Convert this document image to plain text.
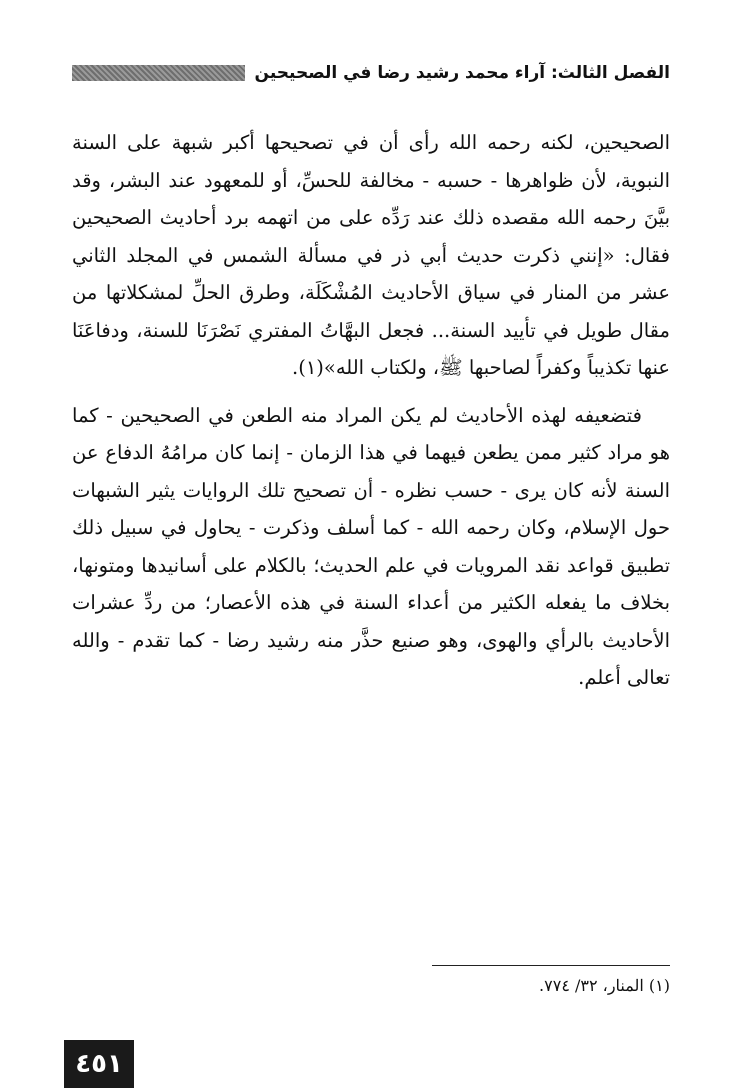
الفصل الثالث: آراء محمد رشيد رضا في الصحيحين

الصحيحين، لكنه رحمه الله رأى أن في تصحيحها أكبر شبهة على السنة النبوية، لأن ظواهرها - حسبه - مخالفة للحسِّ، أو للمعهود عند البشر، وقد بيَّنَ رحمه الله مقصده ذلك عند رَدِّه على من اتهمه برد أحاديث الصحيحين فقال: «إنني ذكرت حديث أبي ذر في مسألة الشمس في المجلد الثاني عشر من المنار في سياق الأحاديث المُشْكَلَة، وطرق الحلِّ لمشكلاتها من مقال طويل في تأييد السنة... فجعل البهَّاتُ المفتري نَصْرَنَا للسنة، ودفاعَنَا عنها تكذيباً وكفراً لصاحبها ﷺ، ولكتاب الله»(١).

فتضعيفه لهذه الأحاديث لم يكن المراد منه الطعن في الصحيحين - كما هو مراد كثير ممن يطعن فيهما في هذا الزمان - إنما كان مرامُهُ الدفاع عن السنة لأنه كان يرى - حسب نظره - أن تصحيح تلك الروايات يثير الشبهات حول الإسلام، وكان رحمه الله - كما أسلف وذكرت - يحاول في سبيل ذلك تطبيق قواعد نقد المرويات في علم الحديث؛ بالكلام على أسانيدها ومتونها، بخلاف ما يفعله الكثير من أعداء السنة في هذه الأعصار؛ من ردِّ عشرات الأحاديث بالرأي والهوى، وهو صنيع حذَّر منه رشيد رضا - كما تقدم - والله تعالى أعلم.

(١) المنار، ٣٢/ ٧٧٤.
٤٥١
